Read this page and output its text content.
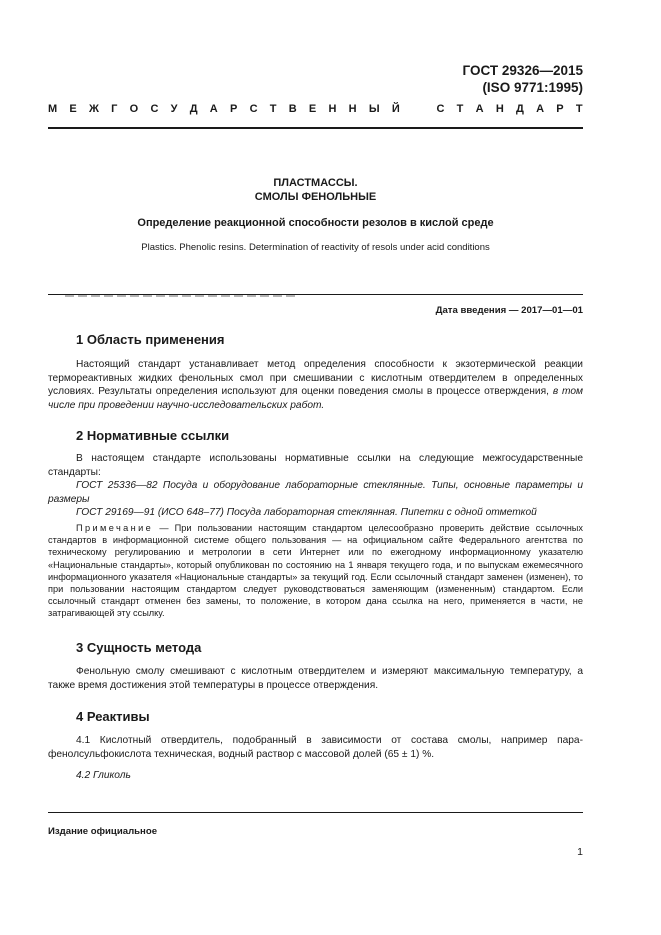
ГОСТ 29326—2015
(ISO 9771:1995)
М Е Ж Г О С У Д А Р С Т В Е Н Н Ы Й	С Т А Н Д А Р Т
ПЛАСТМАССЫ.
СМОЛЫ ФЕНОЛЬНЫЕ
Определение реакционной способности резолов в кислой среде
Plastics. Phenolic resins. Determination of reactivity of resols under acid conditions
Дата введения — 2017—01—01
1 Область применения
Настоящий стандарт устанавливает метод определения способности к экзотермической реакции термореактивных жидких фенольных смол при смешивании с кислотным отвердителем в определенных условиях. Результаты определения используют для оценки поведения смолы в процессе отверждения, в том числе при проведении научно-исследовательских работ.
2 Нормативные ссылки
В настоящем стандарте использованы нормативные ссылки на следующие межгосударственные стандарты:
ГОСТ 25336—82 Посуда и оборудование лабораторные стеклянные. Типы, основные параметры и размеры
ГОСТ 29169—91 (ИСО 648–77) Посуда лабораторная стеклянная. Пипетки с одной отметкой
Примечание — При пользовании настоящим стандартом целесообразно проверить действие ссылочных стандартов в информационной системе общего пользования — на официальном сайте Федерального агентства по техническому регулированию и метрологии в сети Интернет или по ежегодному информационному указателю «Национальные стандарты», который опубликован по состоянию на 1 января текущего года, и по выпускам ежемесячного информационного указателя «Национальные стандарты» за текущий год. Если ссылочный стандарт заменен (изменен), то при пользовании настоящим стандартом следует руководствоваться заменяющим (измененным) стандартом. Если ссылочный стандарт отменен без замены, то положение, в котором дана ссылка на него, применяется в части, не затрагивающей эту ссылку.
3 Сущность метода
Фенольную смолу смешивают с кислотным отвердителем и измеряют максимальную температуру, а также время достижения этой температуры в процессе отверждения.
4 Реактивы
4.1 Кислотный отвердитель, подобранный в зависимости от состава смолы, например пара-фенолсульфокислота техническая, водный раствор с массовой долей (65 ± 1) %.
4.2 Гликоль
Издание официальное
1
